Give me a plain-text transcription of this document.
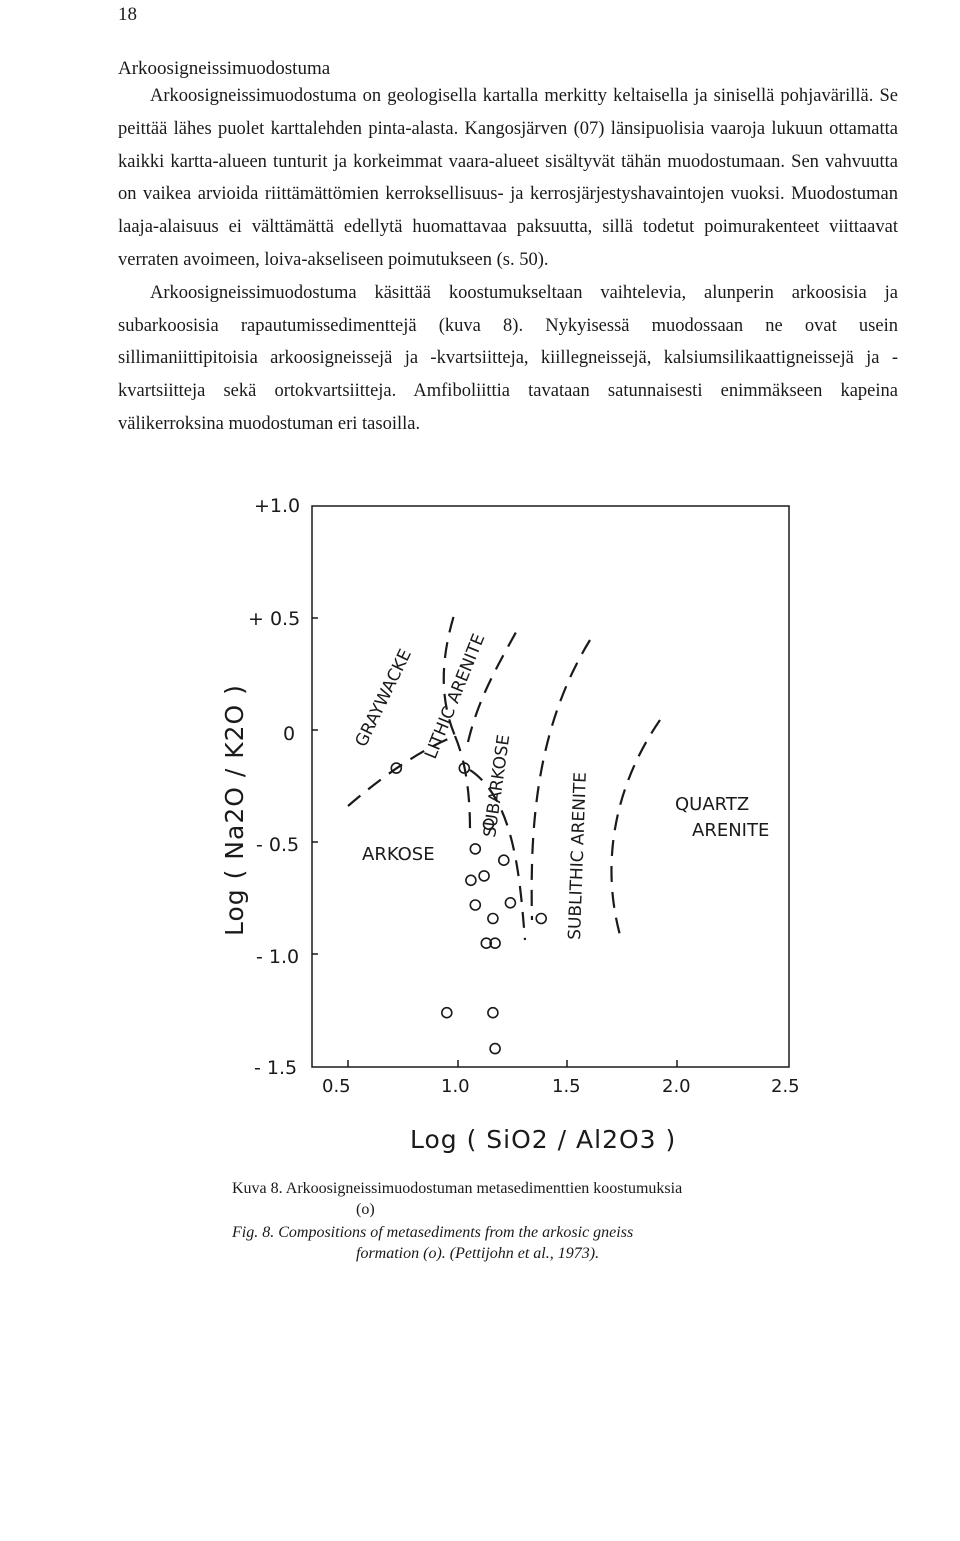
18
Arkoosigneissimuodostuma

Arkoosigneissimuodostuma on geologisella kartalla merkitty keltaisella ja sinisellä pohjavärillä. Se peittää lähes puolet karttalehden pinta-alasta. Kangosjärven (07) länsipuolisia vaaroja lukuun ottamatta kaikki kartta-alueen tunturit ja korkeimmat vaara-alueet sisältyvät tähän muodostumaan. Sen vahvuutta on vaikea arvioida riittämättömien kerroksellisuus- ja kerrosjärjestyshavaintojen vuoksi. Muodostuman laaja-alaisuus ei välttämättä edellytä huomattavaa paksuutta, sillä todetut poimurakenteet viittaavat verraten avoimeen, loiva-akseliseen poimutukseen (s. 50).

Arkoosigneissimuodostuma käsittää koostumukseltaan vaihtelevia, alunperin arkoosisia ja subarkoosisia rapautumissedimenttejä (kuva 8). Nykyisessä muodossaan ne ovat usein sillimaniittipitoisia arkoosigneissejä ja -kvartsiitteja, kiillegneissejä, kalsiumsilikaattigneissejä ja -kvartsiitteja sekä ortokvartsiitteja. Amfiboliittia tavataan satunnaisesti enimmäkseen kapeina välikerroksina muodostuman eri tasoilla.

+1.0
+ 0.5
0
- 0.5
- 1.0
- 1.5
0.5	1.0	1.5	2.0	2.5
Log ( SiO2 / Al2O3 )
Log ( Na2O / K2O )	GRAYWACKE LITHIC ARENITE
SUBARKOSE	SUBLITHIC ARENITE
ARKOSE
QUARTZ
ARENITE
Kuva 8. Arkoosigneissimuodostuman metasedimenttien koostumuksia
(o)
Fig. 8. Compositions of metasediments from the arkosic gneiss
formation (o). (Pettijohn et al., 1973).
